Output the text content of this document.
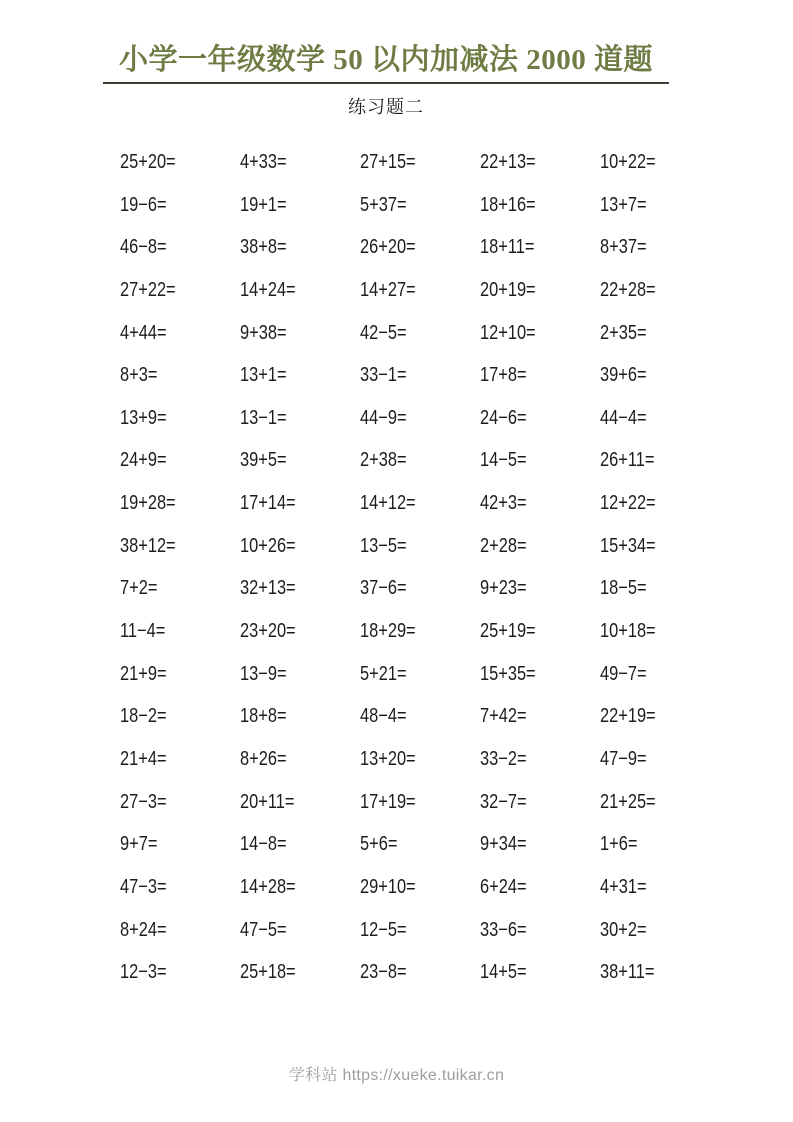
小学一年级数学 50 以内加减法 2000 道题
练习题二
25+20=	4+33=	27+15=	22+13=	10+22=
19−6=	19+1=	5+37=	18+16=	13+7=
46−8=	38+8=	26+20=	18+11=	8+37=
27+22=	14+24=	14+27=	20+19=	22+28=
4+44=	9+38=	42−5=	12+10=	2+35=
8+3=	13+1=	33−1=	17+8=	39+6=
13+9=	13−1=	44−9=	24−6=	44−4=
24+9=	39+5=	2+38=	14−5=	26+11=
19+28=	17+14=	14+12=	42+3=	12+22=
38+12=	10+26=	13−5=	2+28=	15+34=
7+2=	32+13=	37−6=	9+23=	18−5=
11−4=	23+20=	18+29=	25+19=	10+18=
21+9=	13−9=	5+21=	15+35=	49−7=
18−2=	18+8=	48−4=	7+42=	22+19=
21+4=	8+26=	13+20=	33−2=	47−9=
27−3=	20+11=	17+19=	32−7=	21+25=
9+7=	14−8=	5+6=	9+34=	1+6=
47−3=	14+28=	29+10=	6+24=	4+31=
8+24=	47−5=	12−5=	33−6=	30+2=
12−3=	25+18=	23−8=	14+5=	38+11=
学科站 https://xueke.tuikar.cn
